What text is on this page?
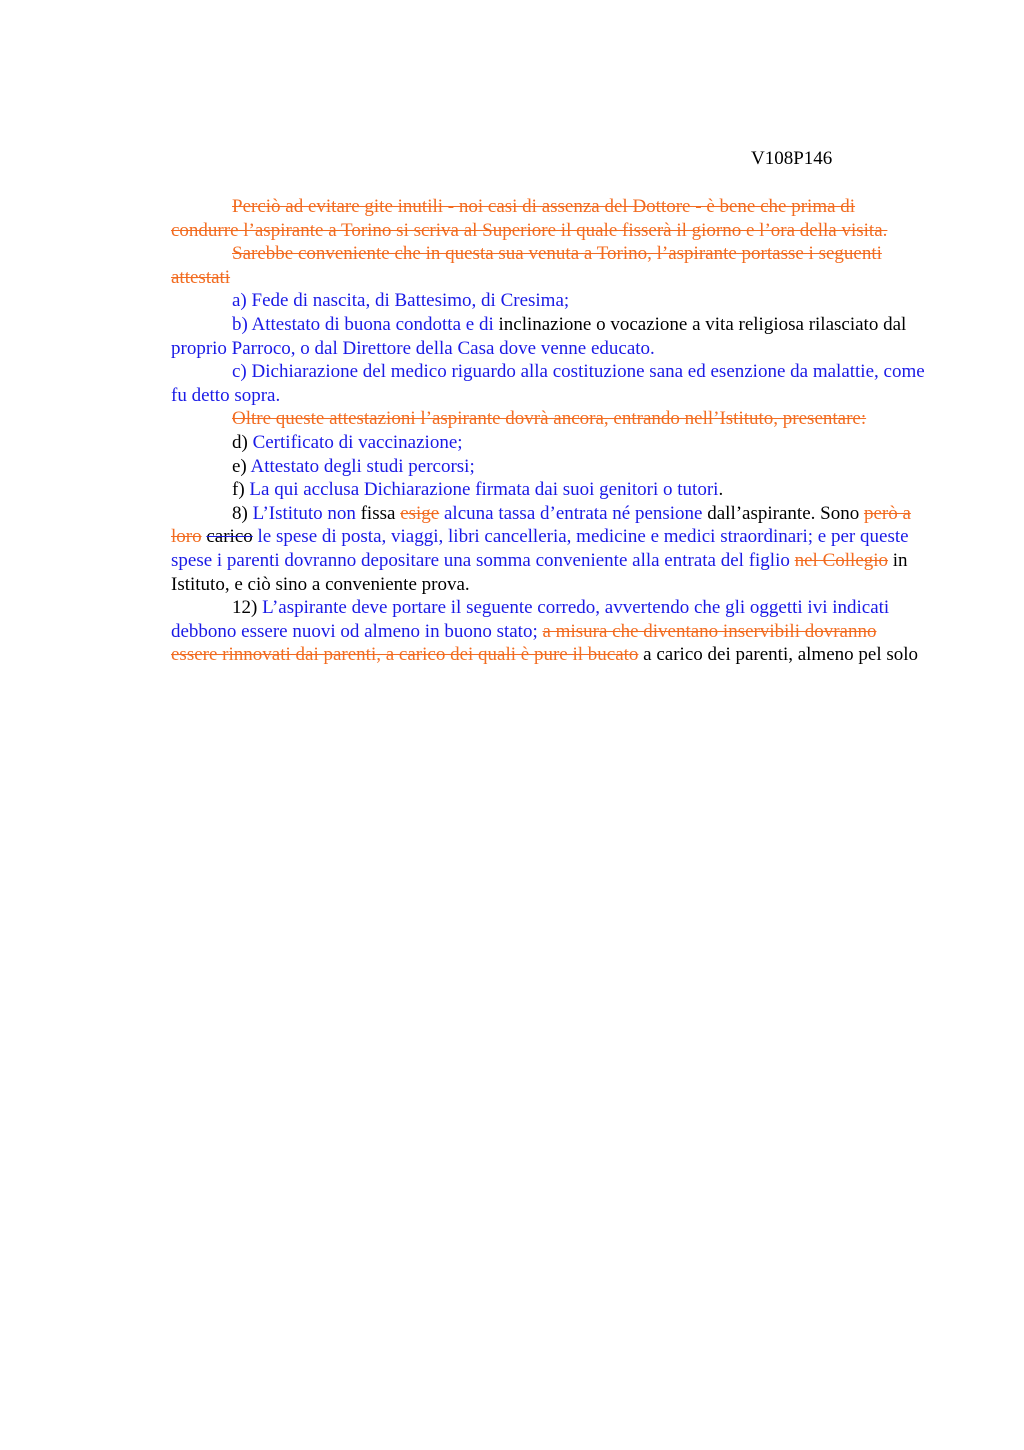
V108P146

Perciò ad evitare gite inutili - noi casi di assenza del Dottore - è bene che prima di condurre l’aspirante a Torino si scriva al Superiore il quale fisserà il giorno e l’ora della visita.

Sarebbe conveniente che in questa sua venuta a Torino, l’aspirante portasse i seguenti attestati

a) Fede di nascita, di Battesimo, di Cresima;

b) Attestato di buona condotta e di inclinazione o vocazione a vita religiosa rilasciato dal proprio Parroco, o dal Direttore della Casa dove venne educato.

c) Dichiarazione del medico riguardo alla costituzione sana ed esenzione da malattie, come fu detto sopra.

Oltre queste attestazioni l’aspirante dovrà ancora, entrando nell’Istituto, presentare:

d) Certificato di vaccinazione;

e) Attestato degli studi percorsi;

f) La qui acclusa Dichiarazione firmata dai suoi genitori o tutori.

8) L’Istituto non fissa esige alcuna tassa d’entrata né pensione dall’aspirante. Sono però a loro carico le spese di posta, viaggi, libri cancelleria, medicine e medici straordinari; e per queste spese i parenti dovranno depositare una somma conveniente alla entrata del figlio nel Collegio in Istituto, e ciò sino a conveniente prova.

12) L’aspirante deve portare il seguente corredo, avvertendo che gli oggetti ivi indicati debbono essere nuovi od almeno in buono stato; a misura che diventano inservibili dovranno essere rinnovati dai parenti, a carico dei quali è pure il bucato a carico dei parenti, almeno pel solo
